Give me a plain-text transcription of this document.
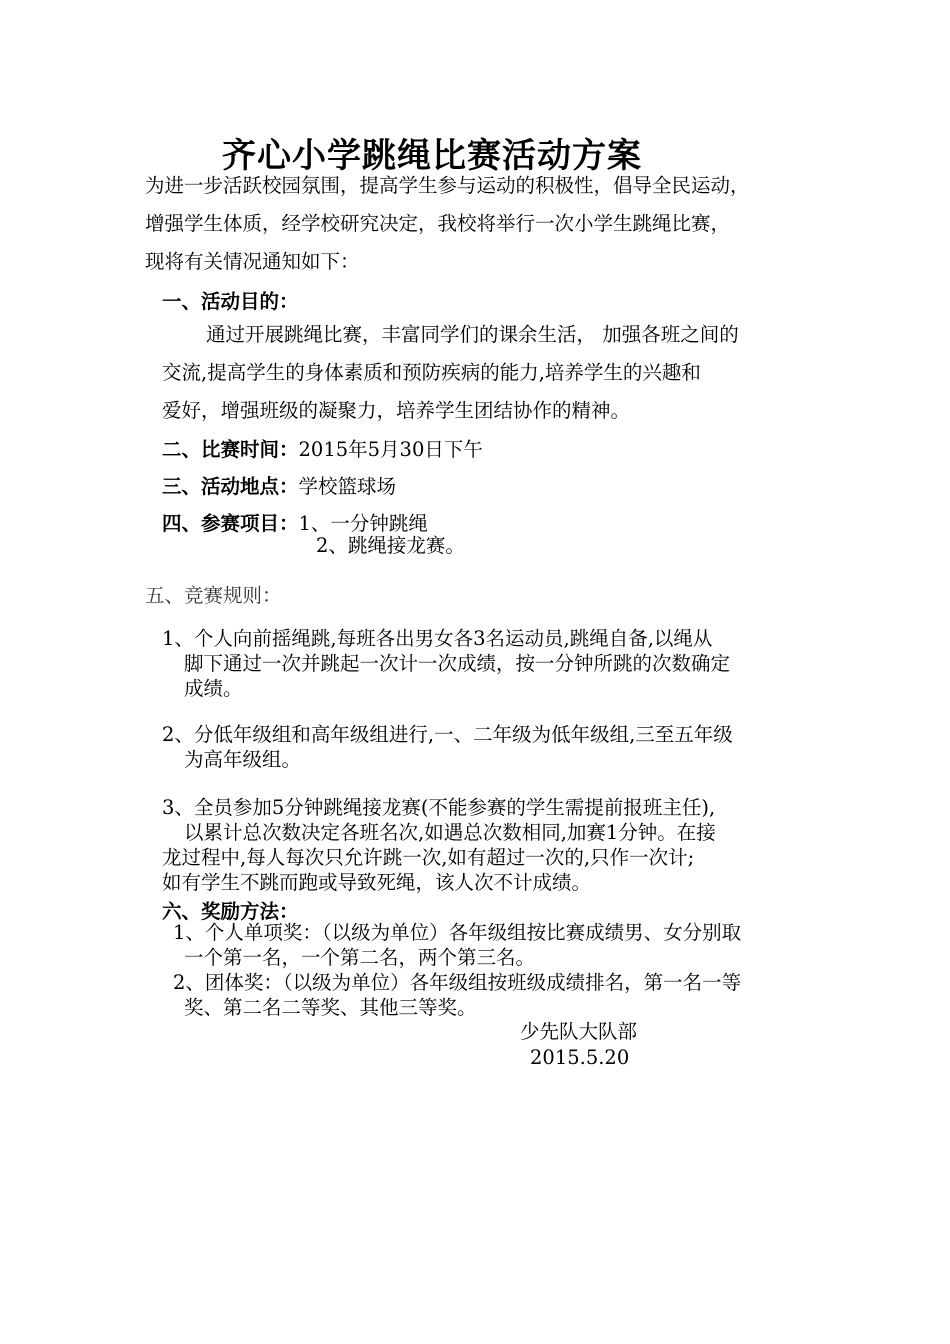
齐心小学跳绳比赛活动方案
为进一步活跃校园氛围，提高学生参与运动的积极性，倡导全民运动，
增强学生体质，经学校研究决定，我校将举行一次小学生跳绳比赛，
现将有关情况通知如下：
一、活动目的：
通过开展跳绳比赛，丰富同学们的课余生活， 加强各班之间的
交流,提高学生的身体素质和预防疾病的能力,培养学生的兴趣和
爱好，增强班级的凝聚力，培养学生团结协作的精神。
二、比赛时间：2015年5月30日下午
三、活动地点：学校篮球场
四、参赛项目：1、一分钟跳绳
2、跳绳接龙赛。
五、竞赛规则：
1、个人向前摇绳跳,每班各出男女各3名运动员,跳绳自备,以绳从
脚下通过一次并跳起一次计一次成绩，按一分钟所跳的次数确定
成绩。
2、分低年级组和高年级组进行,一、二年级为低年级组,三至五年级
为高年级组。
3、全员参加5分钟跳绳接龙赛(不能参赛的学生需提前报班主任),
以累计总次数决定各班名次,如遇总次数相同,加赛1分钟。在接
龙过程中,每人每次只允许跳一次,如有超过一次的,只作一次计;
如有学生不跳而跑或导致死绳，该人次不计成绩。
六、奖励方法：
1、个人单项奖：（以级为单位）各年级组按比赛成绩男、女分别取
一个第一名，一个第二名，两个第三名。
2、团体奖：（以级为单位）各年级组按班级成绩排名，第一名一等
奖、第二名二等奖、其他三等奖。
少先队大队部
2015.5.20
